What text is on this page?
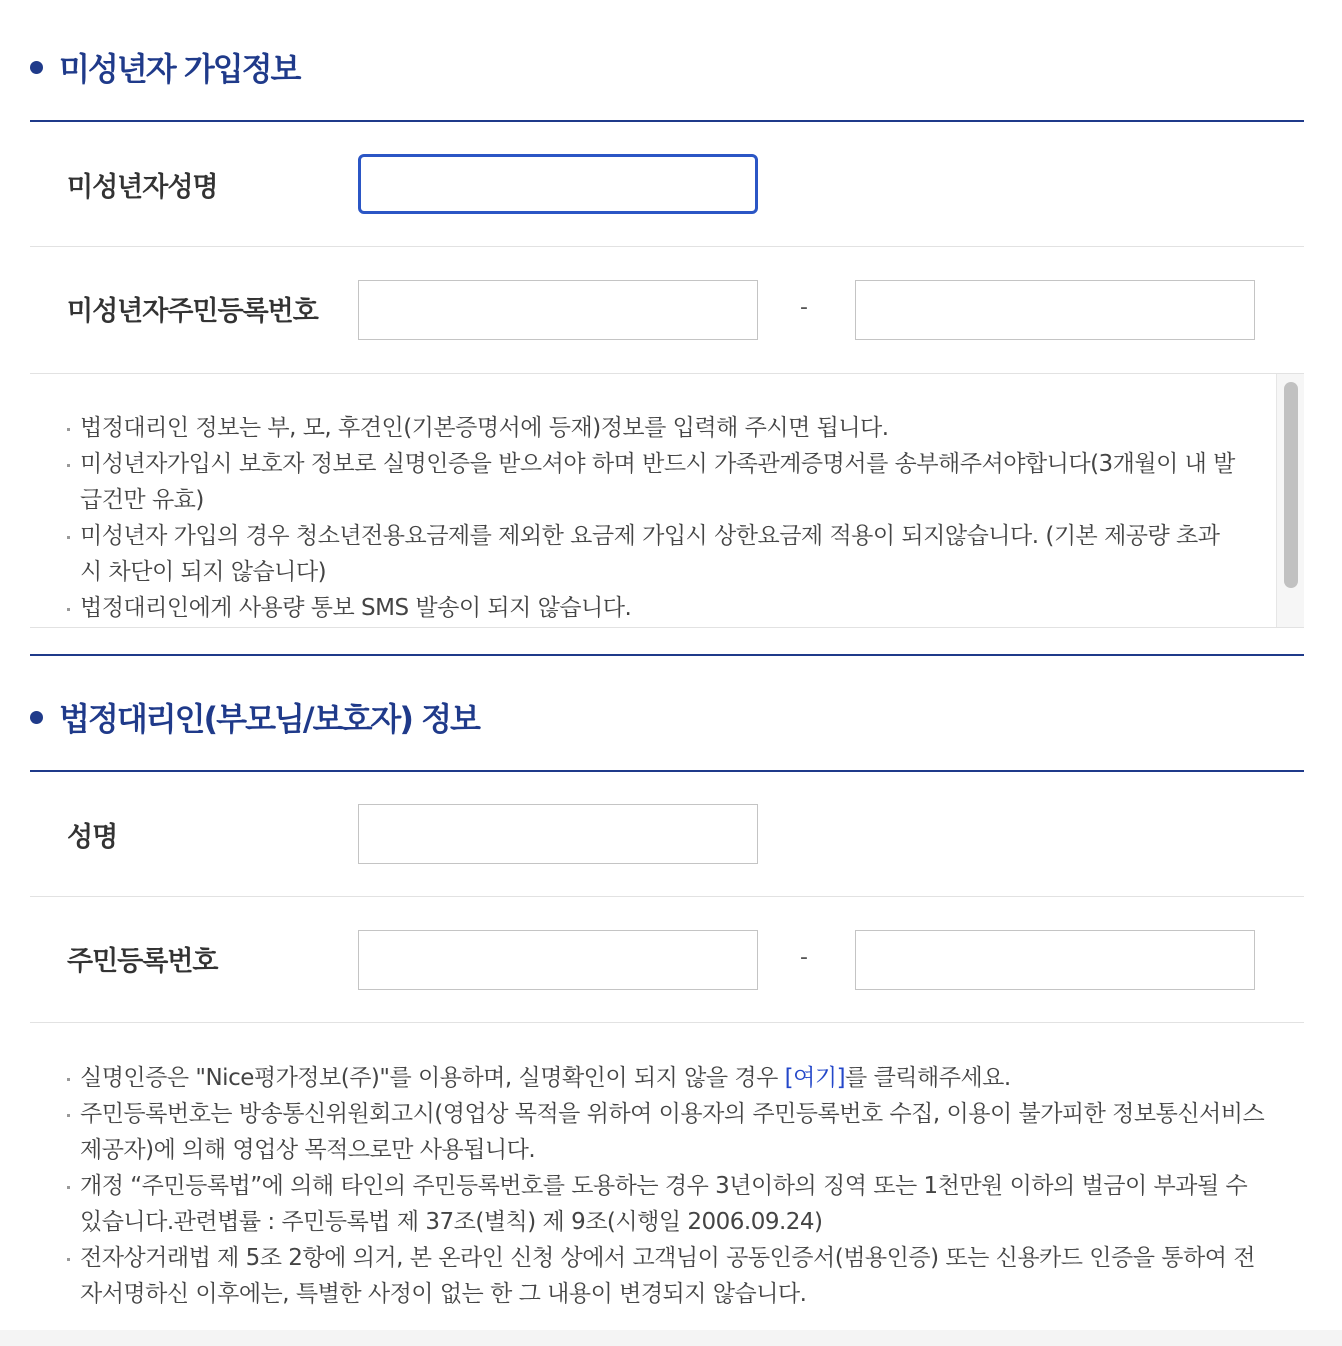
미성년자 가입정보
미성년자성명
미성년자주민등록번호	-
법정대리인 정보는 부, 모, 후견인(기본증명서에 등재)정보를 입력해 주시면 됩니다.
미성년자가입시 보호자 정보로 실명인증을 받으셔야 하며 반드시 가족관계증명서를 송부해주셔야합니다(3개월이 내 발급건만 유효)
미성년자 가입의 경우 청소년전용요금제를 제외한 요금제 가입시 상한요금제 적용이 되지않습니다. (기본 제공량 초과 시 차단이 되지 않습니다)
법정대리인에게 사용량 통보 SMS 발송이 되지 않습니다.
법정대리인(부모님/보호자) 정보
성명
주민등록번호	-
실명인증은 "Nice평가정보(주)"를 이용하며, 실명확인이 되지 않을 경우 [여기]를 클릭해주세요.
주민등록번호는 방송통신위원회고시(영업상 목적을 위하여 이용자의 주민등록번호 수집, 이용이 불가피한 정보통신서비스 제공자)에 의해 영업상 목적으로만 사용됩니다.
개정 “주민등록법”에 의해 타인의 주민등록번호를 도용하는 경우 3년이하의 징역 또는 1천만원 이하의 벌금이 부과될 수 있습니다.관련볍률 : 주민등록법 제 37조(별칙) 제 9조(시행일 2006.09.24)
전자상거래법 제 5조 2항에 의거, 본 온라인 신청 상에서 고객님이 공동인증서(범용인증) 또는 신용카드 인증을 통하여 전자서명하신 이후에는, 특별한 사정이 없는 한 그 내용이 변경되지 않습니다.
